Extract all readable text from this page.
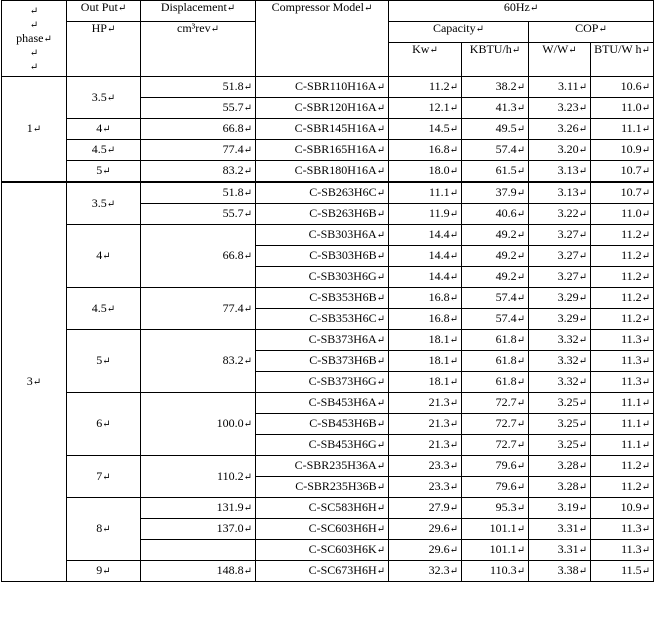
↵
↵
phase↵
↵
↵	Out Put↵	Displacement↵	Compressor Model↵	60Hz↵			
	HP↵	cm³rev↵		Capacity↵		COP↵	
				Kw↵	KBTU/h↵	W/W↵	BTU/W h↵
1↵	3.5↵	51.8↵	C-SBR110H16A↵	11.2↵	38.2↵	3.11↵	10.6↵
		55.7↵	C-SBR120H16A↵	12.1↵	41.3↵	3.23↵	11.0↵
	4↵	66.8↵	C-SBR145H16A↵	14.5↵	49.5↵	3.26↵	11.1↵
	4.5↵	77.4↵	C-SBR165H16A↵	16.8↵	57.4↵	3.20↵	10.9↵
	5↵	83.2↵	C-SBR180H16A↵	18.0↵	61.5↵	3.13↵	10.7↵
3↵	3.5↵	51.8↵	C-SB263H6C↵	11.1↵	37.9↵	3.13↵	10.7↵
		55.7↵	C-SB263H6B↵	11.9↵	40.6↵	3.22↵	11.0↵
	4↵	66.8↵	C-SB303H6A↵	14.4↵	49.2↵	3.27↵	11.2↵
			C-SB303H6B↵	14.4↵	49.2↵	3.27↵	11.2↵
			C-SB303H6G↵	14.4↵	49.2↵	3.27↵	11.2↵
	4.5↵	77.4↵	C-SB353H6B↵	16.8↵	57.4↵	3.29↵	11.2↵
			C-SB353H6C↵	16.8↵	57.4↵	3.29↵	11.2↵
	5↵	83.2↵	C-SB373H6A↵	18.1↵	61.8↵	3.32↵	11.3↵
			C-SB373H6B↵	18.1↵	61.8↵	3.32↵	11.3↵
			C-SB373H6G↵	18.1↵	61.8↵	3.32↵	11.3↵
	6↵	100.0↵	C-SB453H6A↵	21.3↵	72.7↵	3.25↵	11.1↵
			C-SB453H6B↵	21.3↵	72.7↵	3.25↵	11.1↵
			C-SB453H6G↵	21.3↵	72.7↵	3.25↵	11.1↵
	7↵	110.2↵	C-SBR235H36A↵	23.3↵	79.6↵	3.28↵	11.2↵
			C-SBR235H36B↵	23.3↵	79.6↵	3.28↵	11.2↵
	8↵	131.9↵	C-SC583H6H↵	27.9↵	95.3↵	3.19↵	10.9↵
		137.0↵	C-SC603H6H↵	29.6↵	101.1↵	3.31↵	11.3↵
			C-SC603H6K↵	29.6↵	101.1↵	3.31↵	11.3↵
	9↵	148.8↵	C-SC673H6H↵	32.3↵	110.3↵	3.38↵	11.5↵
